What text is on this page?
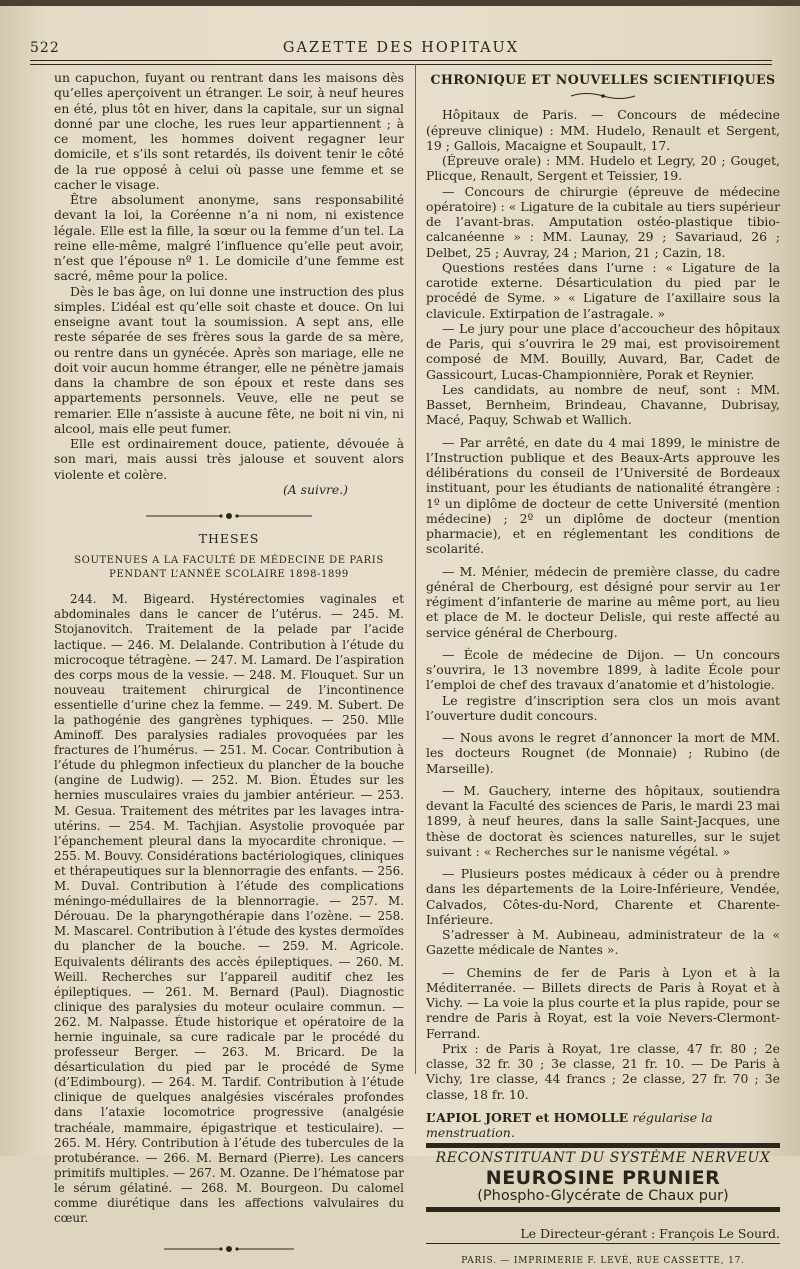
522	GAZETTE DES HOPITAUX

un capuchon, fuyant ou rentrant dans les maisons dès qu’elles aperçoivent un étranger. Le soir, à neuf heures en été, plus tôt en hiver, dans la capitale, sur un signal donné par une cloche, les rues leur appartiennent ; à ce moment, les hommes doivent regagner leur domicile, et s’ils sont retardés, ils doivent tenir le côté de la rue opposé à celui où passe une femme et se cacher le visage.

Être absolument anonyme, sans responsabilité devant la loi, la Coréenne n’a ni nom, ni existence légale. Elle est la fille, la sœur ou la femme d’un tel. La reine elle-même, malgré l’influence qu’elle peut avoir, n’est que l’épouse nº 1. Le domicile d’une femme est sacré, même pour la police.

Dès le bas âge, on lui donne une instruction des plus simples. L’idéal est qu’elle soit chaste et douce. On lui enseigne avant tout la soumission. A sept ans, elle reste séparée de ses frères sous la garde de sa mère, ou rentre dans un gynécée. Après son mariage, elle ne doit voir aucun homme étranger, elle ne pénètre jamais dans la chambre de son époux et reste dans ses appartements personnels. Veuve, elle ne peut se remarier. Elle n’assiste à aucune fête, ne boit ni vin, ni alcool, mais elle peut fumer.

Elle est ordinairement douce, patiente, dévouée à son mari, mais aussi très jalouse et souvent alors violente et colère.

(A suivre.)
THESES
SOUTENUES A LA FACULTÉ DE MÉDECINE DE PARIS
PENDANT L’ANNÉE SCOLAIRE 1898-1899

244. M. Bigeard. Hystérectomies vaginales et abdominales dans le cancer de l’utérus. — 245. M. Stojanovitch. Traitement de la pelade par l’acide lactique. — 246. M. Delalande. Contribution à l’étude du microcoque tétragène. — 247. M. Lamard. De l’aspiration des corps mous de la vessie. — 248. M. Flouquet. Sur un nouveau traitement chirurgical de l’incontinence essentielle d’urine chez la femme. — 249. M. Subert. De la pathogénie des gangrènes typhiques. — 250. Mlle Aminoff. Des paralysies radiales provoquées par les fractures de l’humérus. — 251. M. Cocar. Contribution à l’étude du phlegmon infectieux du plancher de la bouche (angine de Ludwig). — 252. M. Bion. Études sur les hernies musculaires vraies du jambier antérieur. — 253. M. Gesua. Traitement des métrites par les lavages intra-utérins. — 254. M. Tachjian. Asystolie provoquée par l’épanchement pleural dans la myocardite chronique. — 255. M. Bouvy. Considérations bactériologiques, cliniques et thérapeutiques sur la blennorragie des enfants. — 256. M. Duval. Contribution à l’étude des complications méningo-médullaires de la blennorragie. — 257. M. Dérouau. De la pharyngothérapie dans l’ozène. — 258. M. Mascarel. Contribution à l’étude des kystes dermoïdes du plancher de la bouche. — 259. M. Agricole. Equivalents délirants des accès épileptiques. — 260. M. Weill. Recherches sur l’appareil auditif chez les épileptiques. — 261. M. Bernard (Paul). Diagnostic clinique des paralysies du moteur oculaire commun. — 262. M. Nalpasse. Étude historique et opératoire de la hernie inguinale, sa cure radicale par le procédé du professeur Berger. — 263. M. Bricard. De la désarticulation du pied par le procédé de Syme (d’Edimbourg). — 264. M. Tardif. Contribution à l’étude clinique de quelques analgésies viscérales profondes dans l’ataxie locomotrice progressive (analgésie trachéale, mammaire, épigastrique et testiculaire). — 265. M. Héry. Contribution à l’étude des tubercules de la protubérance. — 266. M. Bernard (Pierre). Les cancers primitifs multiples. — 267. M. Ozanne. De l’hématose par le sérum gélatiné. — 268. M. Bourgeon. Du calomel comme diurétique dans les affections valvulaires du cœur.

CHRONIQUE ET NOUVELLES SCIENTIFIQUES

Hôpitaux de Paris. — Concours de médecine (épreuve clinique) : MM. Hudelo, Renault et Sergent, 19 ; Gallois, Macaigne et Soupault, 17.

(Épreuve orale) : MM. Hudelo et Legry, 20 ; Gouget, Plicque, Renault, Sergent et Teissier, 19.

— Concours de chirurgie (épreuve de médecine opératoire) : « Ligature de la cubitale au tiers supérieur de l’avant-bras. Amputation ostéo-plastique tibio-calcanéenne » : MM. Launay, 29 ; Savariaud, 26 ; Delbet, 25 ; Auvray, 24 ; Marion, 21 ; Cazin, 18.

Questions restées dans l’urne : « Ligature de la carotide externe. Désarticulation du pied par le procédé de Syme. » « Ligature de l’axillaire sous la clavicule. Extirpation de l’astragale. »

— Le jury pour une place d’accoucheur des hôpitaux de Paris, qui s’ouvrira le 29 mai, est provisoirement composé de MM. Bouilly, Auvard, Bar, Cadet de Gassicourt, Lucas-Championnière, Porak et Reynier.

Les candidats, au nombre de neuf, sont : MM. Basset, Bernheim, Brindeau, Chavanne, Dubrisay, Macé, Paquy, Schwab et Wallich.

— Par arrêté, en date du 4 mai 1899, le ministre de l’Instruction publique et des Beaux-Arts approuve les délibérations du conseil de l’Université de Bordeaux instituant, pour les étudiants de nationalité étrangère : 1º un diplôme de docteur de cette Université (mention médecine) ; 2º un diplôme de docteur (mention pharmacie), et en réglementant les conditions de scolarité.

— M. Ménier, médecin de première classe, du cadre général de Cherbourg, est désigné pour servir au 1er régiment d’infanterie de marine au même port, au lieu et place de M. le docteur Delisle, qui reste affecté au service général de Cherbourg.

— École de médecine de Dijon. — Un concours s’ouvrira, le 13 novembre 1899, à ladite École pour l’emploi de chef des travaux d’anatomie et d’histologie.

Le registre d’inscription sera clos un mois avant l’ouverture dudit concours.

— Nous avons le regret d’annoncer la mort de MM. les docteurs Rougnet (de Monnaie) ; Rubino (de Marseille).

— M. Gauchery, interne des hôpitaux, soutiendra devant la Faculté des sciences de Paris, le mardi 23 mai 1899, à neuf heures, dans la salle Saint-Jacques, une thèse de doctorat ès sciences naturelles, sur le sujet suivant : « Recherches sur le nanisme végétal. »

— Plusieurs postes médicaux à céder ou à prendre dans les départements de la Loire-Inférieure, Vendée, Calvados, Côtes-du-Nord, Charente et Charente-Inférieure.

S’adresser à M. Aubineau, administrateur de la « Gazette médicale de Nantes ».

— Chemins de fer de Paris à Lyon et à la Méditerranée. — Billets directs de Paris à Royat et à Vichy. — La voie la plus courte et la plus rapide, pour se rendre de Paris à Royat, est la voie Nevers-Clermont-Ferrand.

Prix : de Paris à Royat, 1re classe, 47 fr. 80 ; 2e classe, 32 fr. 30 ; 3e classe, 21 fr. 10. — De Paris à Vichy, 1re classe, 44 francs ; 2e classe, 27 fr. 70 ; 3e classe, 18 fr. 10.

L’APIOL JORET et HOMOLLE régularise la menstruation.
RECONSTITUANT DU SYSTÈME NERVEUX
NEUROSINE PRUNIER
(Phospho-Glycérate de Chaux pur)
Le Directeur-gérant : François Le Sourd.
PARIS. — IMPRIMERIE F. LEVÉ, RUE CASSETTE, 17.
